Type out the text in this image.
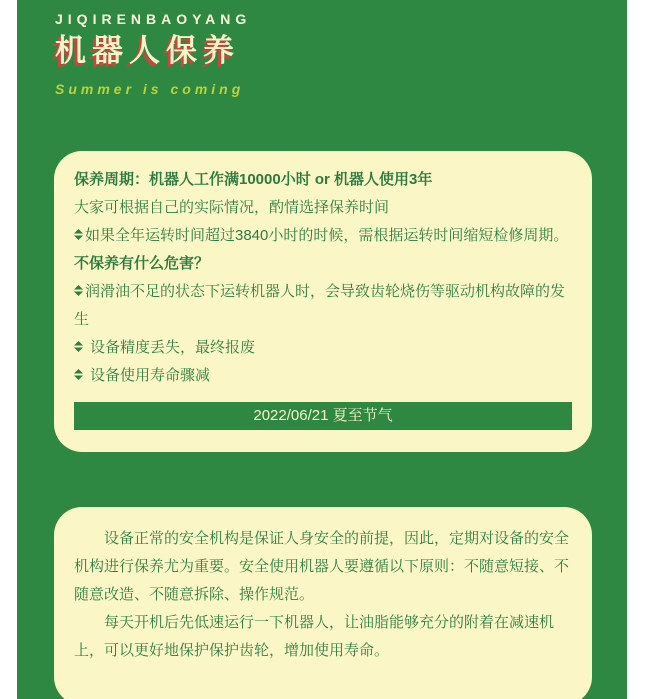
JIQIRENBAOYANG
机器人保养
Summer is coming

保养周期：机器人工作满10000小时 or 机器人使用3年

大家可根据自己的实际情况，酌情选择保养时间

如果全年运转时间超过3840小时的时候，需根据运转时间缩短检修周期。

不保养有什么危害？

润滑油不足的状态下运转机器人时，会导致齿轮烧伤等驱动机构故障的发生

设备精度丢失，最终报废

设备使用寿命骤减

2022/06/21 夏至节气

设备正常的安全机构是保证人身安全的前提，因此，定期对设备的安全机构进行保养尤为重要。安全使用机器人要遵循以下原则：不随意短接、不随意改造、不随意拆除、操作规范。

每天开机后先低速运行一下机器人，让油脂能够充分的附着在减速机上，可以更好地保护保护齿轮，增加使用寿命。
